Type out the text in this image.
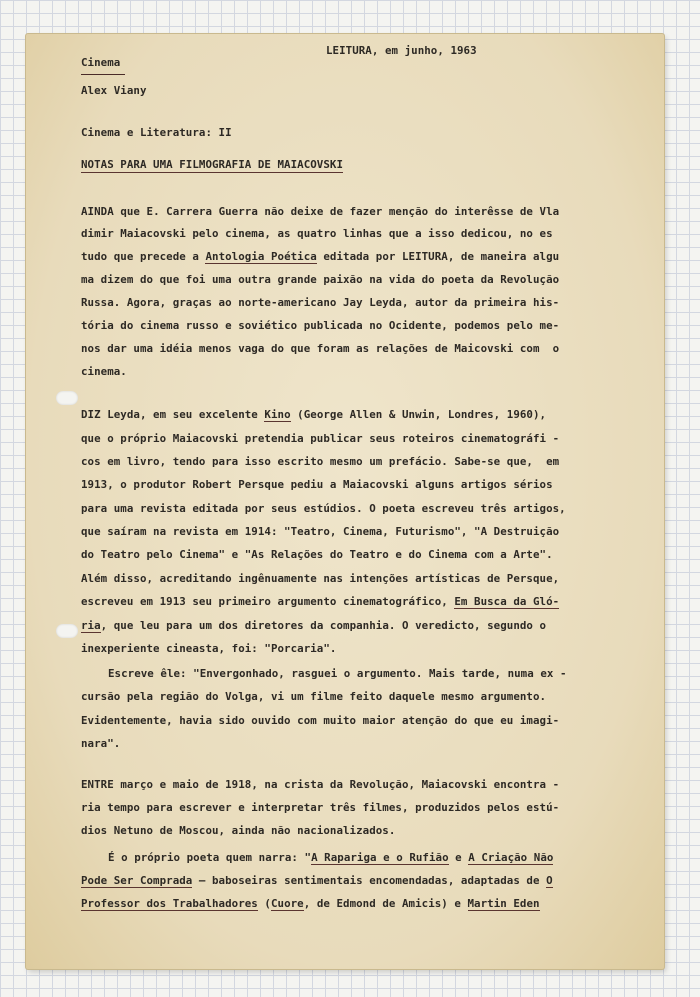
LEITURA, em junho, 1963
Cinema
Alex Viany
Cinema e Literatura: II
NOTAS PARA UMA FILMOGRAFIA DE MAIACOVSKI
AINDA que E. Carrera Guerra não deixe de fazer menção do interêsse de Vla
dimir Maiacovski pelo cinema, as quatro linhas que a isso dedicou, no es
tudo que precede a Antologia Poética editada por LEITURA, de maneira algu
ma dizem do que foi uma outra grande paixão na vida do poeta da Revolução
Russa. Agora, graças ao norte-americano Jay Leyda, autor da primeira his-
tória do cinema russo e soviético publicada no Ocidente, podemos pelo me-
nos dar uma idéia menos vaga do que foram as relações de Maicovski com  o
cinema.
DIZ Leyda, em seu excelente Kino (George Allen & Unwin, Londres, 1960),
que o próprio Maiacovski pretendia publicar seus roteiros cinematográfi -
cos em livro, tendo para isso escrito mesmo um prefácio. Sabe-se que,  em
1913, o produtor Robert Persque pediu a Maiacovski alguns artigos sérios
para uma revista editada por seus estúdios. O poeta escreveu três artigos,
que saíram na revista em 1914: "Teatro, Cinema, Futurismo", "A Destruição
do Teatro pelo Cinema" e "As Relações do Teatro e do Cinema com a Arte".
Além disso, acreditando ingênuamente nas intenções artísticas de Persque,
escreveu em 1913 seu primeiro argumento cinematográfico, Em Busca da Gló-
ria, que leu para um dos diretores da companhia. O veredicto, segundo o
inexperiente cineasta, foi: "Porcaria".
Escreve êle: "Envergonhado, rasguei o argumento. Mais tarde, numa ex -
cursão pela região do Volga, vi um filme feito daquele mesmo argumento.
Evidentemente, havia sido ouvido com muito maior atenção do que eu imagi-
nara".
ENTRE março e maio de 1918, na crista da Revolução, Maiacovski encontra -
ria tempo para escrever e interpretar três filmes, produzidos pelos estú-
dios Netuno de Moscou, ainda não nacionalizados.
É o próprio poeta quem narra: "A Rapariga e o Rufião e A Criação Não
Pode Ser Comprada — baboseiras sentimentais encomendadas, adaptadas de O
Professor dos Trabalhadores (Cuore, de Edmond de Amicis) e Martin Eden
